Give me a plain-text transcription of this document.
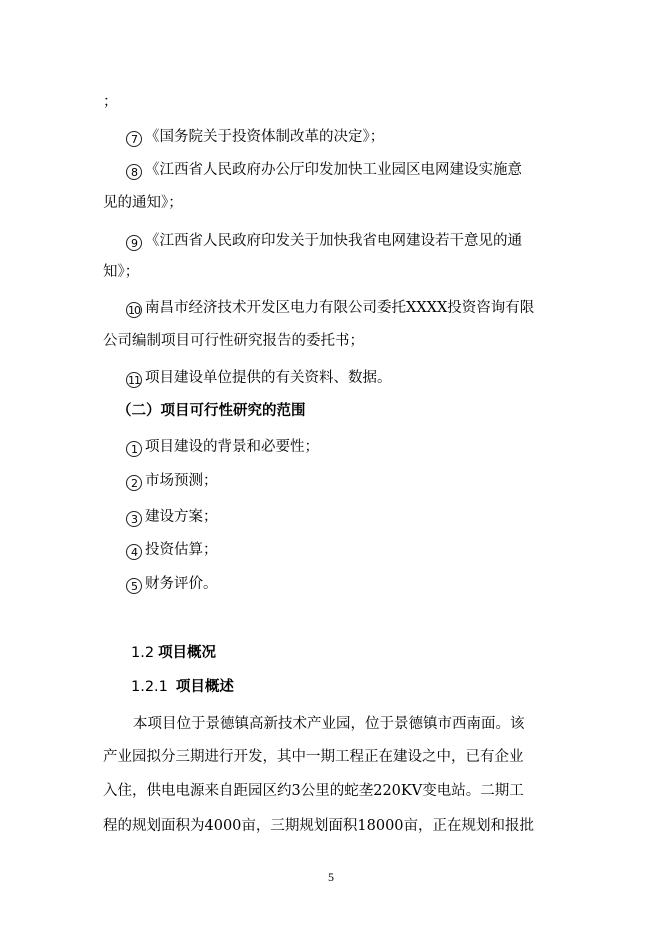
；
7 《国务院关于投资体制改革的决定》；
8 《江西省人民政府办公厅印发加快工业园区电网建设实施意
见的通知》；
9 《江西省人民政府印发关于加快我省电网建设若干意见的通
知》；
10 南昌市经济技术开发区电力有限公司委托XXXX投资咨询有限
公司编制项目可行性研究报告的委托书；
11 项目建设单位提供的有关资料、数据。
（二）项目可行性研究的范围
1 项目建设的背景和必要性；
2 市场预测；
3 建设方案；
4 投资估算；
5 财务评价。
1.2 项目概况
1.2.1 项目概述
本项目位于景德镇高新技术产业园，位于景德镇市西南面。该
产业园拟分三期进行开发，其中一期工程正在建设之中，已有企业
入住，供电电源来自距园区约3公里的蛇垄220KV变电站。二期工
程的规划面积为4000亩，三期规划面积18000亩，正在规划和报批
5
